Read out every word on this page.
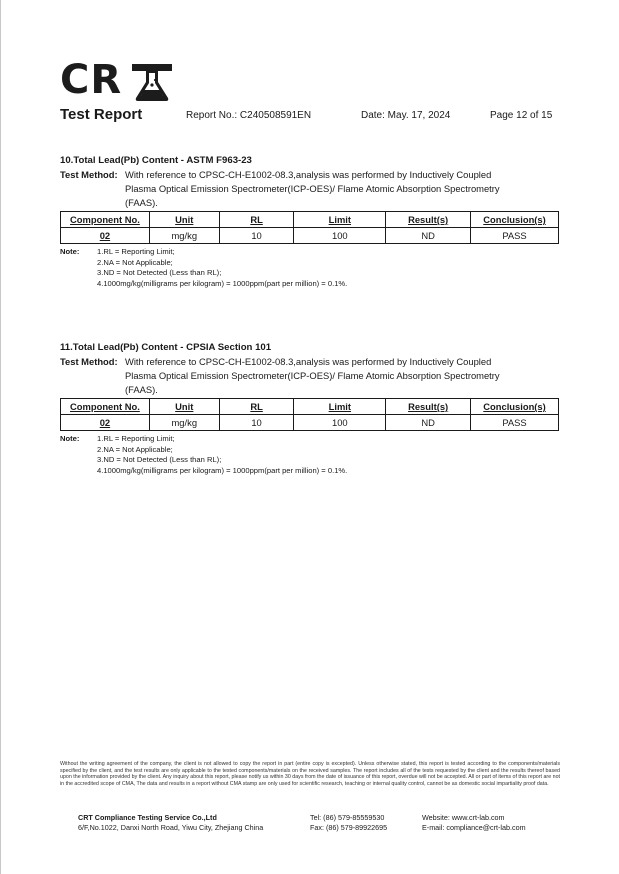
CR
Test Report	Report No.: C240508591EN	Date: May. 17, 2024	Page 12 of 15
10.Total Lead(Pb) Content - ASTM F963-23
Test Method: With reference to CPSC-CH-E1002-08.3,analysis was performed by Inductively Coupled
Plasma Optical Emission Spectrometer(ICP-OES)/ Flame Atomic Absorption Spectrometry
(FAAS).
Component No.	Unit	RL	Limit	Result(s)	Conclusion(s)
02	mg/kg	10	100	ND	PASS
Note: 1.RL = Reporting Limit;
2.NA = Not Applicable;
3.ND = Not Detected (Less than RL);
4.1000mg/kg(milligrams per kilogram) = 1000ppm(part per million) = 0.1%.
11.Total Lead(Pb) Content - CPSIA Section 101
Test Method: With reference to CPSC-CH-E1002-08.3,analysis was performed by Inductively Coupled
Plasma Optical Emission Spectrometer(ICP-OES)/ Flame Atomic Absorption Spectrometry
(FAAS).
Component No.	Unit	RL	Limit	Result(s)	Conclusion(s)
02	mg/kg	10	100	ND	PASS
Note: 1.RL = Reporting Limit;
2.NA = Not Applicable;
3.ND = Not Detected (Less than RL);
4.1000mg/kg(milligrams per kilogram) = 1000ppm(part per million) = 0.1%.
Without the writing agreement of the company, the client is not allowed to copy the report in part (entire copy is excepted). Unless otherwise stated, this report is tested according to the components/materials specified by the client, and the test results are only applicable to the tested components/materials on the received samples. The report includes all of the tests requested by the client and the results thereof based upon the information provided by the client. Any inquiry about this report, please notify us within 30 days from the date of issuance of this report, overdue will not be accepted. All or part of items of this report are not in the accredited scope of CMA, The data and results in a report without CMA stamp are only used for scientific research, teaching or internal quality control, cannot be as domestic social impartiality proof data.
CRT Compliance Testing Service Co.,Ltd
6/F,No.1022, Danxi North Road, Yiwu City, Zhejiang China
Tel: (86) 579-85559530
Fax: (86) 579-89922695
Website: www.crt-lab.com
E-mail: compliance@crt-lab.com
